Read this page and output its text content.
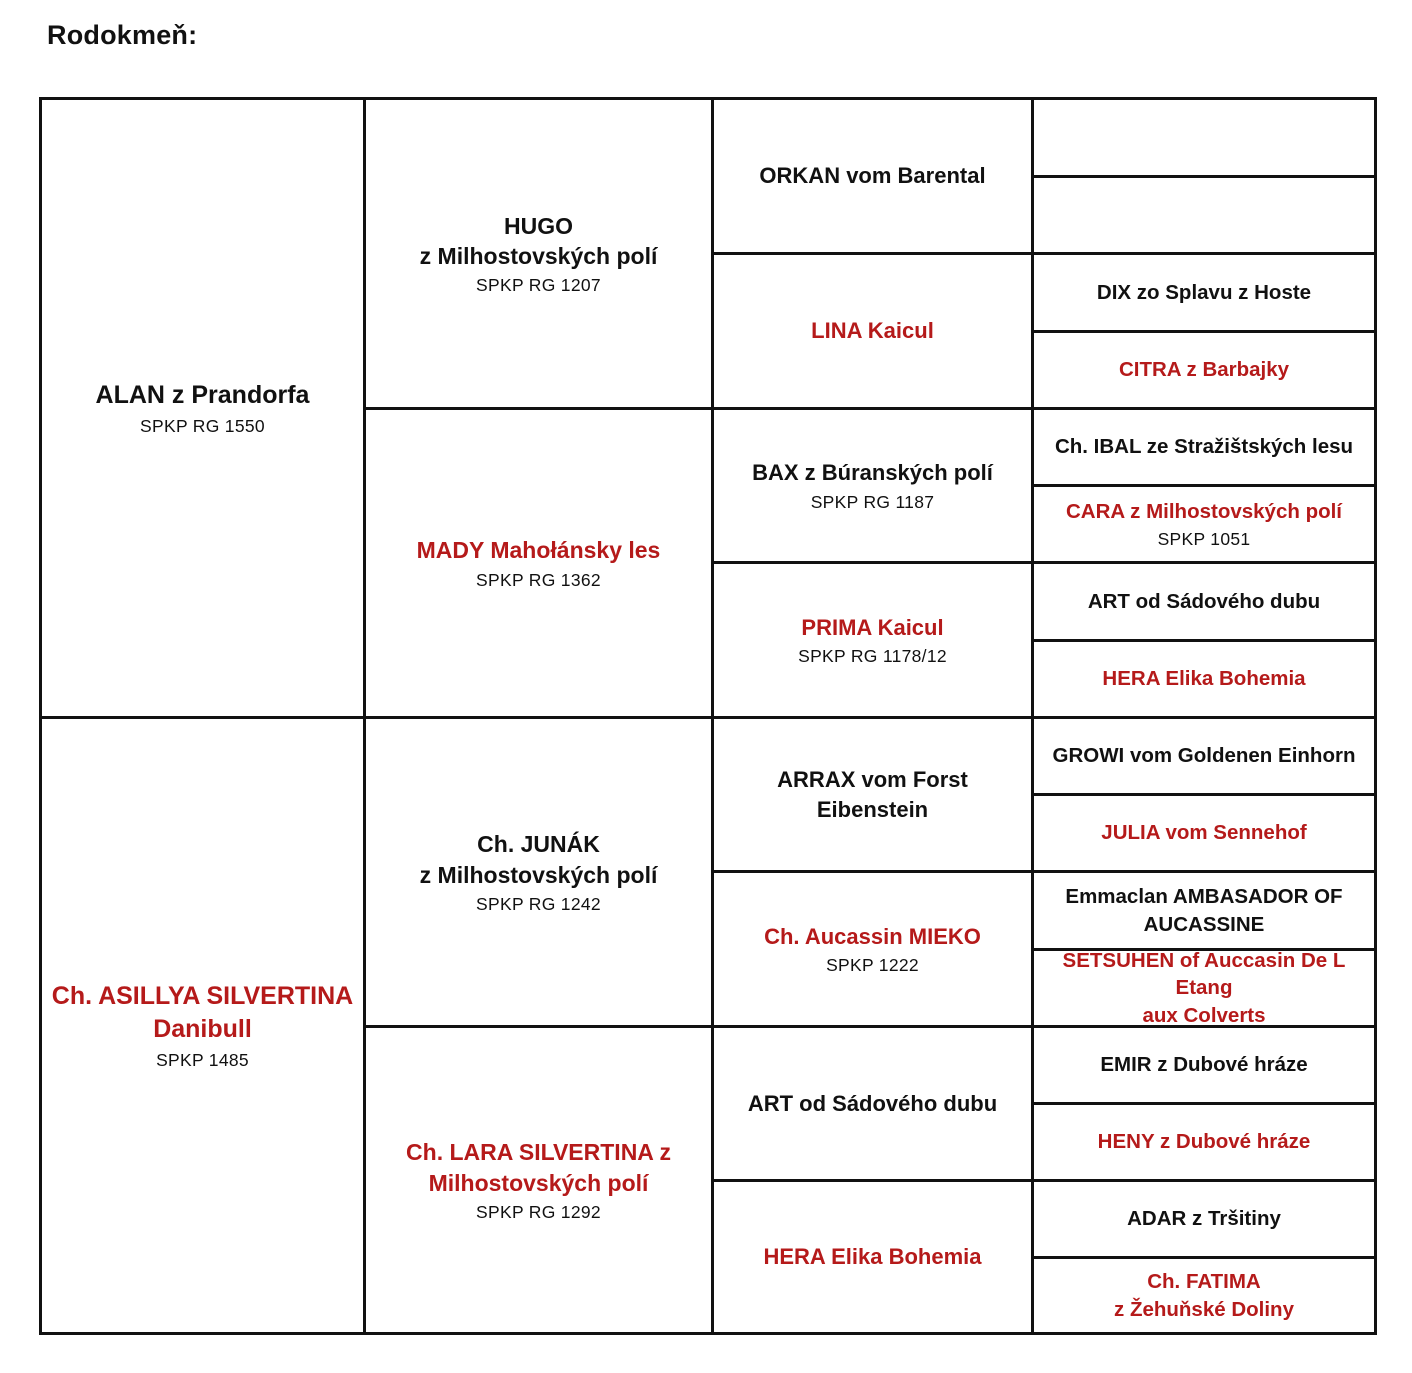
Rodokmeň:
ALAN z Prandorfa
SPKP RG 1550
Ch. ASILLYA SILVERTINA
Danibull
SPKP 1485
HUGO
z Milhostovských polí
SPKP RG 1207
MADY Mahołánsky les
SPKP RG 1362
Ch. JUNÁK
z Milhostovských polí
SPKP RG 1242
Ch. LARA SILVERTINA z
Milhostovských polí
SPKP RG 1292
ORKAN vom Barental
LINA Kaicul
BAX z Búranských polí
SPKP RG 1187
PRIMA Kaicul
SPKP RG 1178/12
ARRAX vom Forst
Eibenstein
Ch. Aucassin MIEKO
SPKP 1222
ART od Sádového dubu
HERA Elika Bohemia
DIX zo Splavu z Hoste
CITRA z Barbajky
Ch. IBAL ze Stražištských lesu
CARA z Milhostovských polí
SPKP 1051
ART od Sádového dubu
HERA Elika Bohemia
GROWI vom Goldenen Einhorn
JULIA vom Sennehof
Emmaclan AMBASADOR OF
AUCASSINE
SETSUHEN of Auccasin De L Etang
aux Colverts
EMIR z Dubové hráze
HENY z Dubové hráze
ADAR z Tršitiny
Ch. FATIMA
z Žehuňské Doliny
